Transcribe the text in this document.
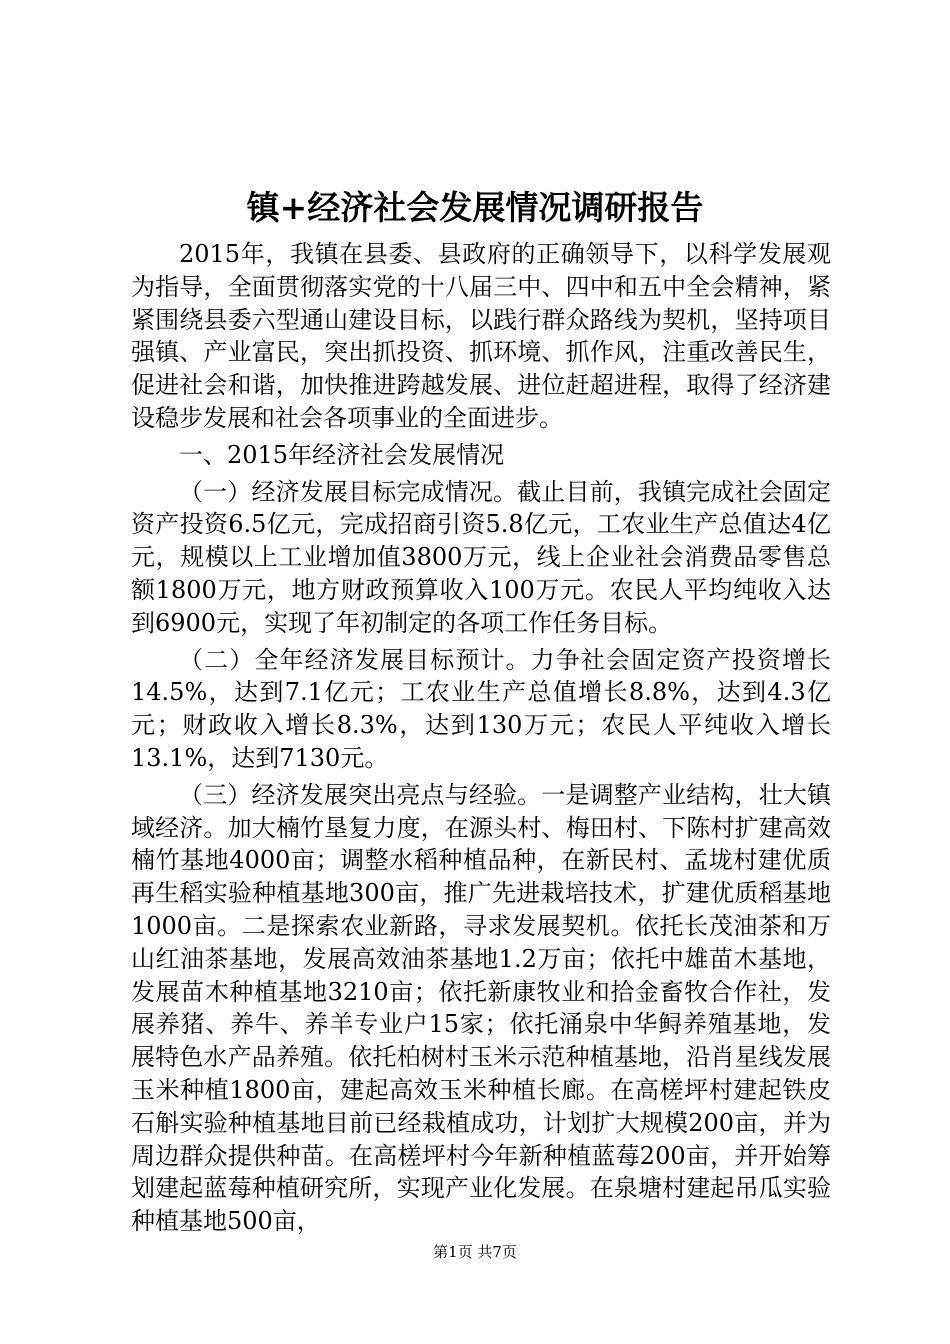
镇+经济社会发展情况调研报告

2015年，我镇在县委、县政府的正确领导下，以科学发展观为指导，全面贯彻落实党的十八届三中、四中和五中全会精神，紧紧围绕县委六型通山建设目标，以践行群众路线为契机，坚持项目强镇、产业富民，突出抓投资、抓环境、抓作风，注重改善民生，促进社会和谐，加快推进跨越发展、进位赶超进程，取得了经济建设稳步发展和社会各项事业的全面进步。

一、2015年经济社会发展情况

（一）经济发展目标完成情况。截止目前，我镇完成社会固定资产投资6.5亿元，完成招商引资5.8亿元，工农业生产总值达4亿元，规模以上工业增加值3800万元，线上企业社会消费品零售总额1800万元，地方财政预算收入100万元。农民人平均纯收入达到6900元，实现了年初制定的各项工作任务目标。

（二）全年经济发展目标预计。力争社会固定资产投资增长14.5%，达到7.1亿元；工农业生产总值增长8.8%，达到4.3亿元；财政收入增长8.3%，达到130万元；农民人平纯收入增长13.1%，达到7130元。

（三）经济发展突出亮点与经验。一是调整产业结构，壮大镇域经济。加大楠竹垦复力度，在源头村、梅田村、下陈村扩建高效楠竹基地4000亩；调整水稻种植品种，在新民村、孟垅村建优质再生稻实验种植基地300亩，推广先进栽培技术，扩建优质稻基地1000亩。二是探索农业新路，寻求发展契机。依托长茂油茶和万山红油茶基地，发展高效油茶基地1.2万亩；依托中雄苗木基地，发展苗木种植基地3210亩；依托新康牧业和拾金畜牧合作社，发展养猪、养牛、养羊专业户15家；依托涌泉中华鲟养殖基地，发展特色水产品养殖。依托柏树村玉米示范种植基地，沿肖星线发展玉米种植1800亩，建起高效玉米种植长廊。在高槎坪村建起铁皮石斛实验种植基地目前已经栽植成功，计划扩大规模200亩，并为周边群众提供种苗。在高槎坪村今年新种植蓝莓200亩，并开始筹划建起蓝莓种植研究所，实现产业化发展。在泉塘村建起吊瓜实验种植基地500亩，

第1页 共7页
